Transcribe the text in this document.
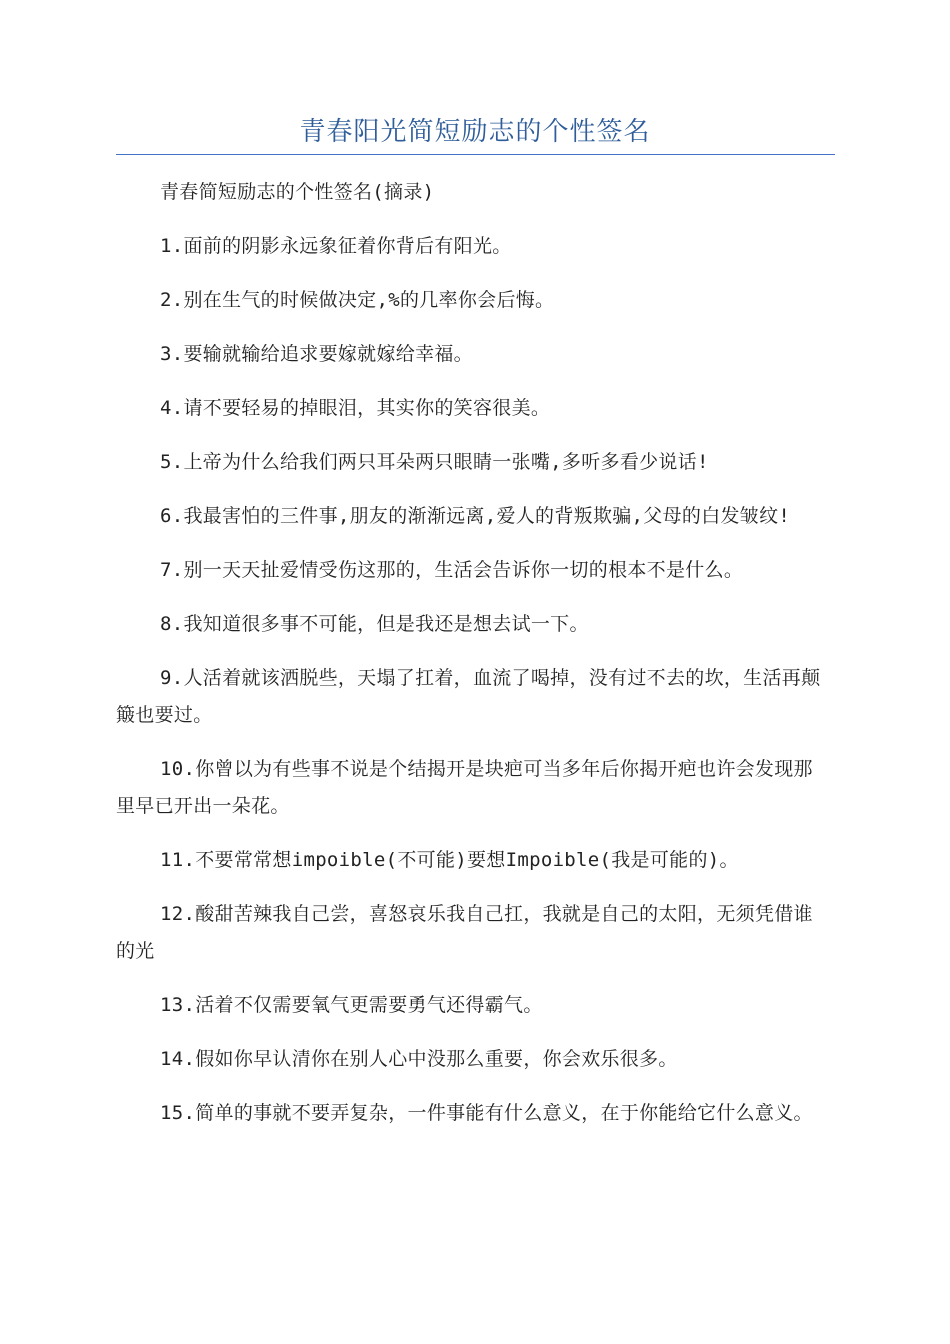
青春阳光简短励志的个性签名

青春简短励志的个性签名(摘录)

1.面前的阴影永远象征着你背后有阳光。

2.别在生气的时候做决定,%的几率你会后悔。

3.要输就输给追求要嫁就嫁给幸福。

4.请不要轻易的掉眼泪，其实你的笑容很美。

5.上帝为什么给我们两只耳朵两只眼睛一张嘴,多听多看少说话!

6.我最害怕的三件事,朋友的渐渐远离,爱人的背叛欺骗,父母的白发皱纹!

7.别一天天扯爱情受伤这那的，生活会告诉你一切的根本不是什么。

8.我知道很多事不可能，但是我还是想去试一下。

9.人活着就该洒脱些，天塌了扛着，血流了喝掉，没有过不去的坎，生活再颠簸也要过。

10.你曾以为有些事不说是个结揭开是块疤可当多年后你揭开疤也许会发现那里早已开出一朵花。

11.不要常常想impoible(不可能)要想Impoible(我是可能的)。

12.酸甜苦辣我自己尝，喜怒哀乐我自己扛，我就是自己的太阳，无须凭借谁的光

13.活着不仅需要氧气更需要勇气还得霸气。

14.假如你早认清你在别人心中没那么重要，你会欢乐很多。

15.简单的事就不要弄复杂，一件事能有什么意义，在于你能给它什么意义。
